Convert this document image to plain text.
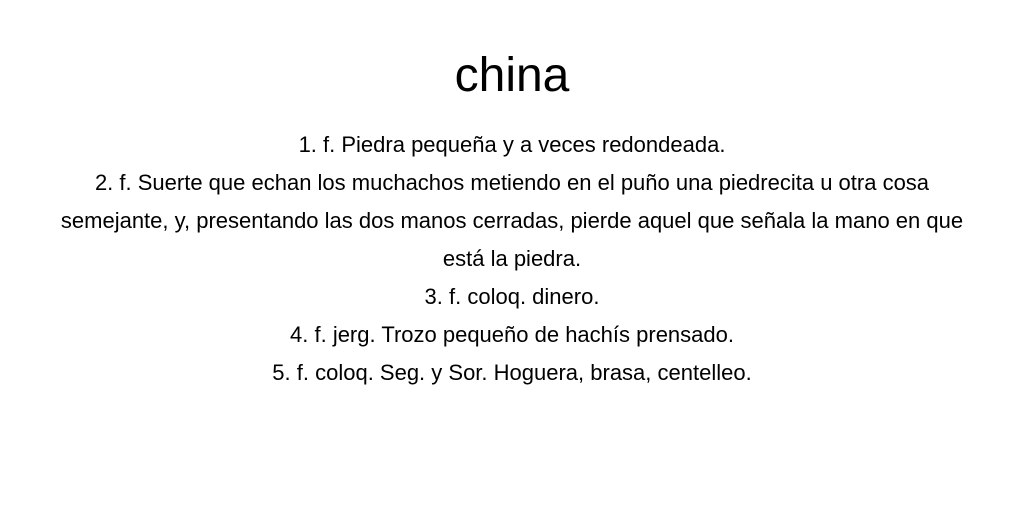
china
1. f. Piedra pequeña y a veces redondeada.
2. f. Suerte que echan los muchachos metiendo en el puño una piedrecita u otra cosa semejante, y, presentando las dos manos cerradas, pierde aquel que señala la mano en que está la piedra.
3. f. coloq. dinero.
4. f. jerg. Trozo pequeño de hachís prensado.
5. f. coloq. Seg. y Sor. Hoguera, brasa, centelleo.
